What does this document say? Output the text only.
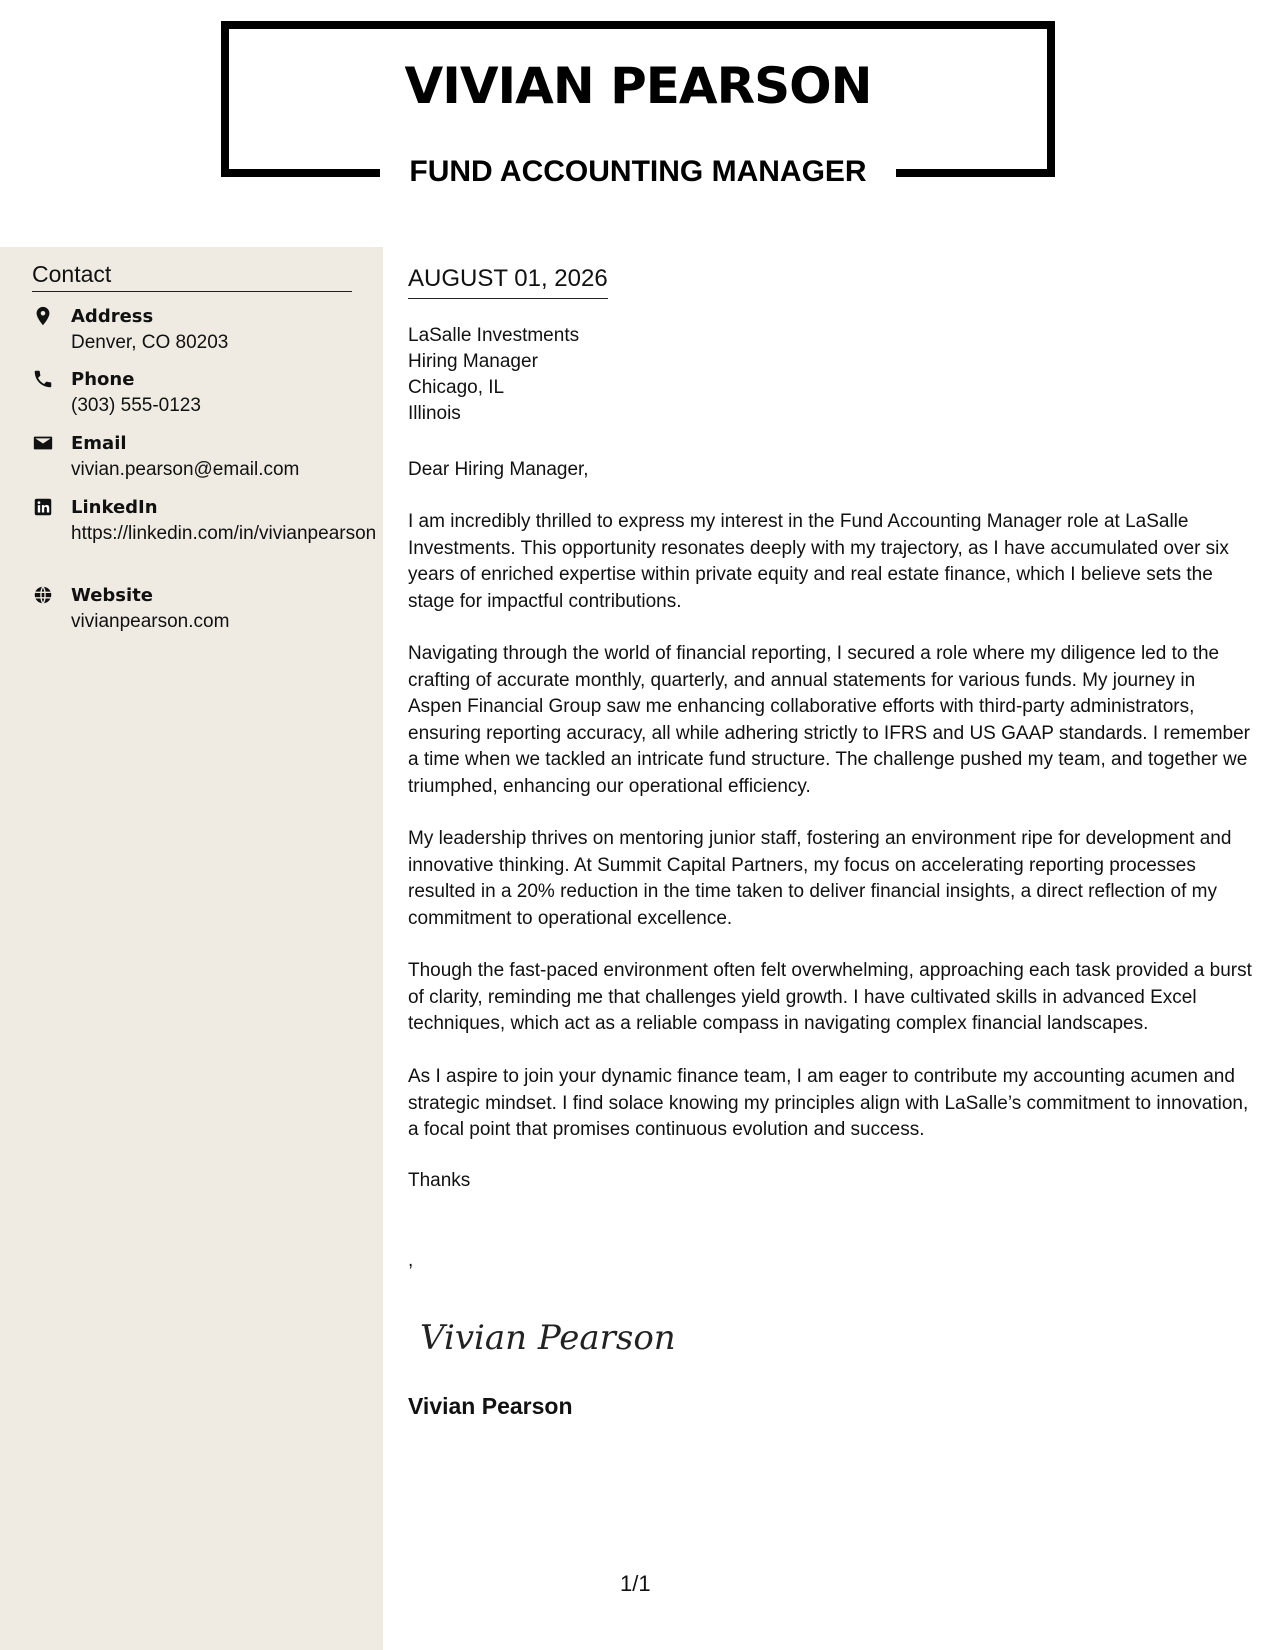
VIVIAN PEARSON
FUND ACCOUNTING MANAGER
Contact
Address
Denver, CO 80203
Phone
(303) 555-0123
Email
vivian.pearson@email.com
LinkedIn
https://linkedin.com/in/vivianpearson
Website
vivianpearson.com
AUGUST 01, 2026
LaSalle Investments
Hiring Manager
Chicago, IL
Illinois
Dear Hiring Manager,

I am incredibly thrilled to express my interest in the Fund Accounting Manager role at LaSalle Investments. This opportunity resonates deeply with my trajectory, as I have accumulated over six years of enriched expertise within private equity and real estate finance, which I believe sets the stage for impactful contributions.

Navigating through the world of financial reporting, I secured a role where my diligence led to the crafting of accurate monthly, quarterly, and annual statements for various funds. My journey in Aspen Financial Group saw me enhancing collaborative efforts with third-party administrators, ensuring reporting accuracy, all while adhering strictly to IFRS and US GAAP standards. I remember a time when we tackled an intricate fund structure. The challenge pushed my team, and together we triumphed, enhancing our operational efficiency.

My leadership thrives on mentoring junior staff, fostering an environment ripe for development and innovative thinking. At Summit Capital Partners, my focus on accelerating reporting processes resulted in a 20% reduction in the time taken to deliver financial insights, a direct reflection of my commitment to operational excellence.

Though the fast-paced environment often felt overwhelming, approaching each task provided a burst of clarity, reminding me that challenges yield growth. I have cultivated skills in advanced Excel techniques, which act as a reliable compass in navigating complex financial landscapes.

As I aspire to join your dynamic finance team, I am eager to contribute my accounting acumen and strategic mindset. I find solace knowing my principles align with LaSalle’s commitment to innovation, a focal point that promises continuous evolution and success.

Thanks
,
Vivian Pearson
Vivian Pearson
1/1
